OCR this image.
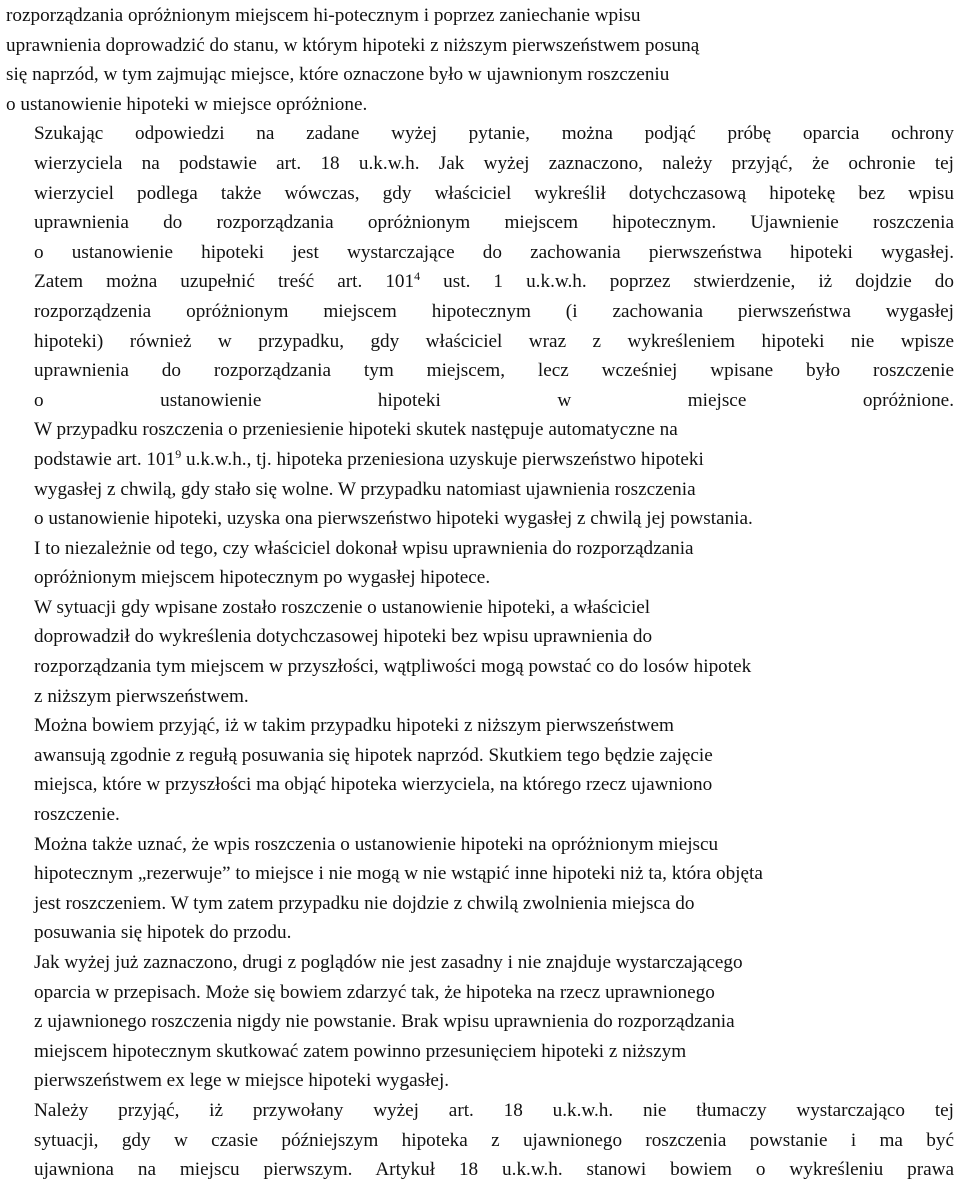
rozporządzania opróżnionym miejscem hi-potecznym i poprzez zaniechanie wpisu
uprawnienia doprowadzić do stanu, w którym hipoteki z niższym pierwszeństwem posuną
się naprzód, w tym zajmując miejsce, które oznaczone było w ujawnionym roszczeniu
o ustanowienie hipoteki w miejsce opróżnione.

Szukając odpowiedzi na zadane wyżej pytanie, można podjąć próbę oparcia ochrony
wierzyciela na podstawie art. 18 u.k.w.h. Jak wyżej zaznaczono, należy przyjąć, że ochronie tej
wierzyciel podlega także wówczas, gdy właściciel wykreślił dotychczasową hipotekę bez wpisu
uprawnienia do rozporządzania opróżnionym miejscem hipotecznym. Ujawnienie roszczenia
o ustanowienie hipoteki jest wystarczające do zachowania pierwszeństwa hipoteki wygasłej.
Zatem można uzupełnić treść art. $101^4$ ust. 1 u.k.w.h. poprzez stwierdzenie, iż dojdzie do
rozporządzenia opróżnionym miejscem hipotecznym (i zachowania pierwszeństwa wygasłej
hipoteki) również w przypadku, gdy właściciel wraz z wykreśleniem hipoteki nie wpisze
uprawnienia do rozporządzania tym miejscem, lecz wcześniej wpisane było roszczenie
o ustanowienie hipoteki w miejsce opróżnione.

W przypadku roszczenia o przeniesienie hipoteki skutek następuje automatyczne na
podstawie art. $101^9$ u.k.w.h., tj. hipoteka przeniesiona uzyskuje pierwszeństwo hipoteki
wygasłej z chwilą, gdy stało się wolne. W przypadku natomiast ujawnienia roszczenia
o ustanowienie hipoteki, uzyska ona pierwszeństwo hipoteki wygasłej z chwilą jej powstania.
I to niezależnie od tego, czy właściciel dokonał wpisu uprawnienia do rozporządzania
opróżnionym miejscem hipotecznym po wygasłej hipotece.

W sytuacji gdy wpisane zostało roszczenie o ustanowienie hipoteki, a właściciel
doprowadził do wykreślenia dotychczasowej hipoteki bez wpisu uprawnienia do
rozporządzania tym miejscem w przyszłości, wątpliwości mogą powstać co do losów hipotek
z niższym pierwszeństwem.

Można bowiem przyjąć, iż w takim przypadku hipoteki z niższym pierwszeństwem
awansują zgodnie z regułą posuwania się hipotek naprzód. Skutkiem tego będzie zajęcie
miejsca, które w przyszłości ma objąć hipoteka wierzyciela, na którego rzecz ujawniono
roszczenie.

Można także uznać, że wpis roszczenia o ustanowienie hipoteki na opróżnionym miejscu
hipotecznym „rezerwuje” to miejsce i nie mogą w nie wstąpić inne hipoteki niż ta, która objęta
jest roszczeniem. W tym zatem przypadku nie dojdzie z chwilą zwolnienia miejsca do
posuwania się hipotek do przodu.

Jak wyżej już zaznaczono, drugi z poglądów nie jest zasadny i nie znajduje wystarczającego
oparcia w przepisach. Może się bowiem zdarzyć tak, że hipoteka na rzecz uprawnionego
z ujawnionego roszczenia nigdy nie powstanie. Brak wpisu uprawnienia do rozporządzania
miejscem hipotecznym skutkować zatem powinno przesunięciem hipoteki z niższym
pierwszeństwem ex lege w miejsce hipoteki wygasłej.

Należy przyjąć, iż przywołany wyżej art. 18 u.k.w.h. nie tłumaczy wystarczająco tej
sytuacji, gdy w czasie późniejszym hipoteka z ujawnionego roszczenia powstanie i ma być
ujawniona na miejscu pierwszym. Artykuł 18 u.k.w.h. stanowi bowiem o wykreśleniu prawa
